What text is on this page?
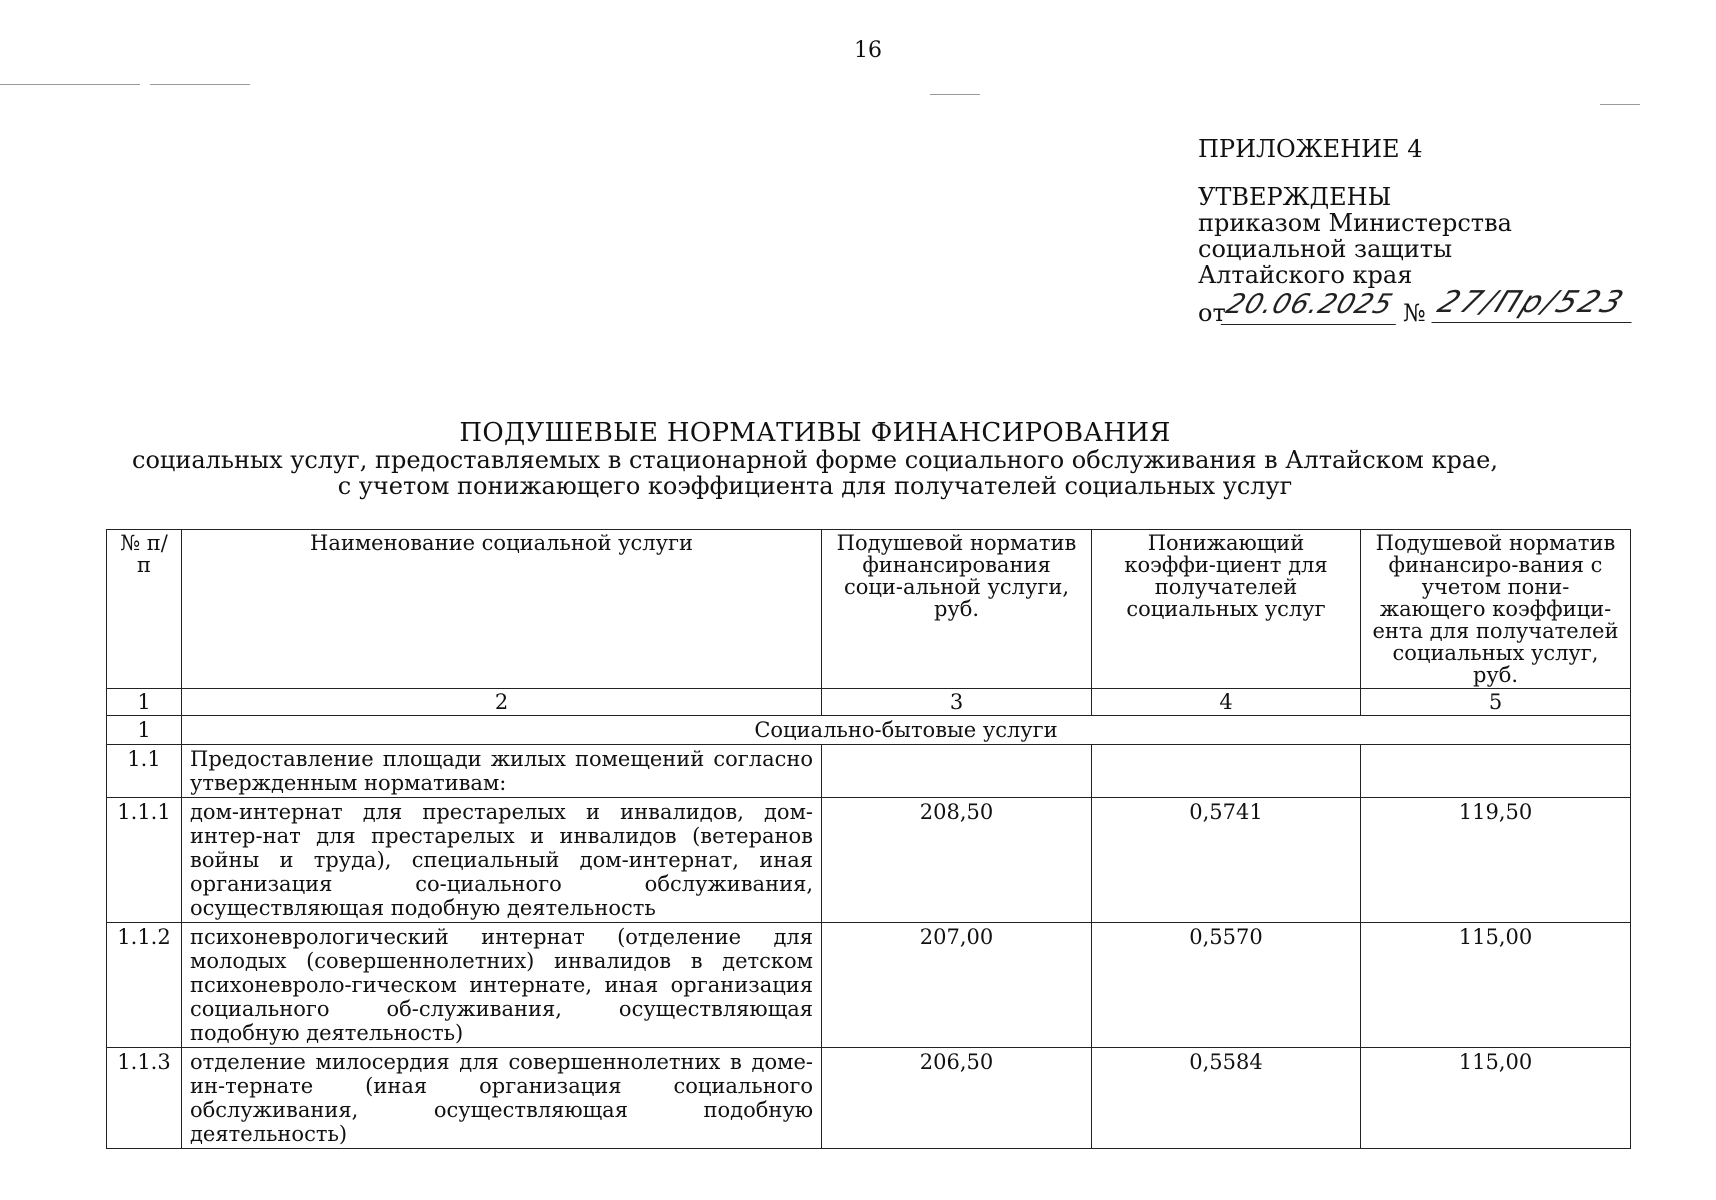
16
ПРИЛОЖЕНИЕ 4
УТВЕРЖДЕНЫ
приказом Министерства
социальной защиты
Алтайского края
от
20.06.2025 № 27/Пр/523
ПОДУШЕВЫЕ НОРМАТИВЫ ФИНАНСИРОВАНИЯ
социальных услуг, предоставляемых в стационарной форме социального обслуживания в Алтайском крае,
с учетом понижающего коэффициента для получателей социальных услуг
№ п/п	Наименование социальной услуги	Подушевой норматив финансирования соци-альной услуги, руб.	Понижающий коэффи-циент для получателей социальных услуг	Подушевой норматив финансиро-вания с учетом пони-жающего коэффици-ента для получателей социальных услуг, руб.
1	2	3	4	5
1	Социально-бытовые услуги			
1.1	Предоставление площади жилых помещений согласно утвержденным нормативам:			
1.1.1	дом-интернат для престарелых и инвалидов, дом-интер-нат для престарелых и инвалидов (ветеранов войны и труда), специальный дом-интернат, иная организация со-циального обслуживания, осуществляющая подобную деятельность	208,50	0,5741	119,50
1.1.2	психоневрологический интернат (отделение для молодых (совершеннолетних) инвалидов в детском психоневроло-гическом интернате, иная организация социального об-служивания, осуществляющая подобную деятельность)	207,00	0,5570	115,00
1.1.3	отделение милосердия для совершеннолетних в доме-ин-тернате (иная организация социального обслуживания, осуществляющая подобную деятельность)	206,50	0,5584	115,00
